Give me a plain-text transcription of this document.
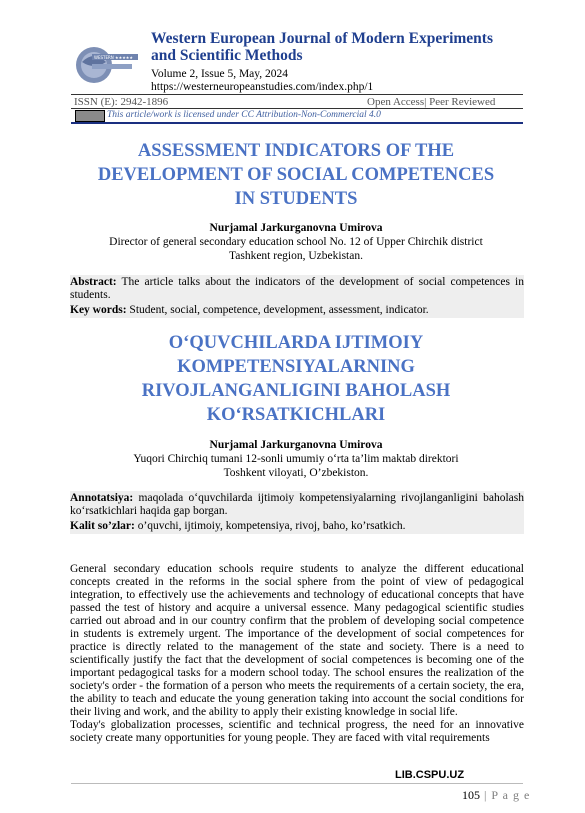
WESTERN ★★★★★
Western European Journal of Modern Experiments
and Scientific Methods
Volume 2, Issue 5, May, 2024
https://westerneuropeanstudies.com/index.php/1
ISSN (E): 2942-1896	Open Access| Peer Reviewed
This article/work is licensed under CC Attribution-Non-Commercial 4.0
ASSESSMENT INDICATORS OF THE
DEVELOPMENT OF SOCIAL COMPETENCES
IN STUDENTS
Nurjamal Jarkurganovna Umirova
Director of general secondary education school No. 12 of Upper Chirchik district
Tashkent region, Uzbekistan.

Abstract: The article talks about the indicators of the development of social competences in students.

Key words: Student, social, competence, development, assessment, indicator.

O‘QUVCHILARDA IJTIMOIY
KOMPETENSIYALARNING
RIVOJLANGANLIGINI BAHOLASH
KO‘RSATKICHLARI
Nurjamal Jarkurganovna Umirova
Yuqori Chirchiq tumani 12-sonli umumiy o‘rta ta’lim maktab direktori
Toshkent viloyati, O’zbekiston.

Annotatsiya: maqolada o‘quvchilarda ijtimoiy kompetensiyalarning rivojlanganligini baholash ko‘rsatkichlari haqida gap borgan.

Kalit so’zlar: o’quvchi, ijtimoiy, kompetensiya, rivoj, baho, ko’rsatkich.

General secondary education schools require students to analyze the different educational concepts created in the reforms in the social sphere from the point of view of pedagogical integration, to effectively use the achievements and technology of educational concepts that have passed the test of history and acquire a universal essence. Many pedagogical scientific studies carried out abroad and in our country confirm that the problem of developing social competence in students is extremely urgent. The importance of the development of social competences for practice is directly related to the management of the state and society. There is a need to scientifically justify the fact that the development of social competences is becoming one of the important pedagogical tasks for a modern school today. The school ensures the realization of the society's order - the formation of a person who meets the requirements of a certain society, the era, the ability to teach and educate the young generation taking into account the social conditions for their living and work, and the ability to apply their existing knowledge in social life.

Today's globalization processes, scientific and technical progress, the need for an innovative society create many opportunities for young people. They are faced with vital requirements

LIB.CSPU.UZ
105 | P a g e
